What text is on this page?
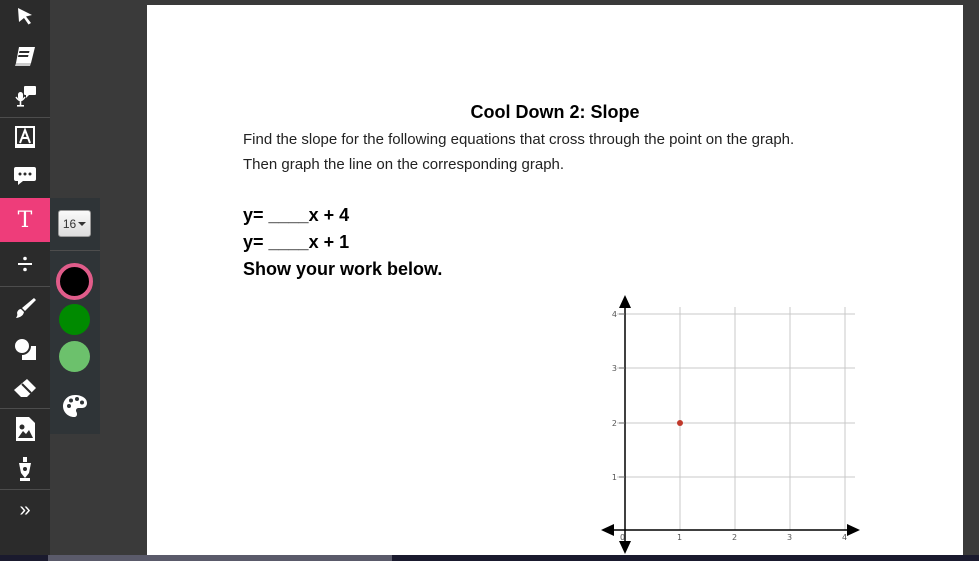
T
»
16
Cool Down 2: Slope
Find the slope for the following equations that cross through the point on the graph.
Then graph the line on the corresponding graph.
y= ____x + 4
y= ____x + 1
Show your work below.
4
3
2
1
0	1	2	3	4
